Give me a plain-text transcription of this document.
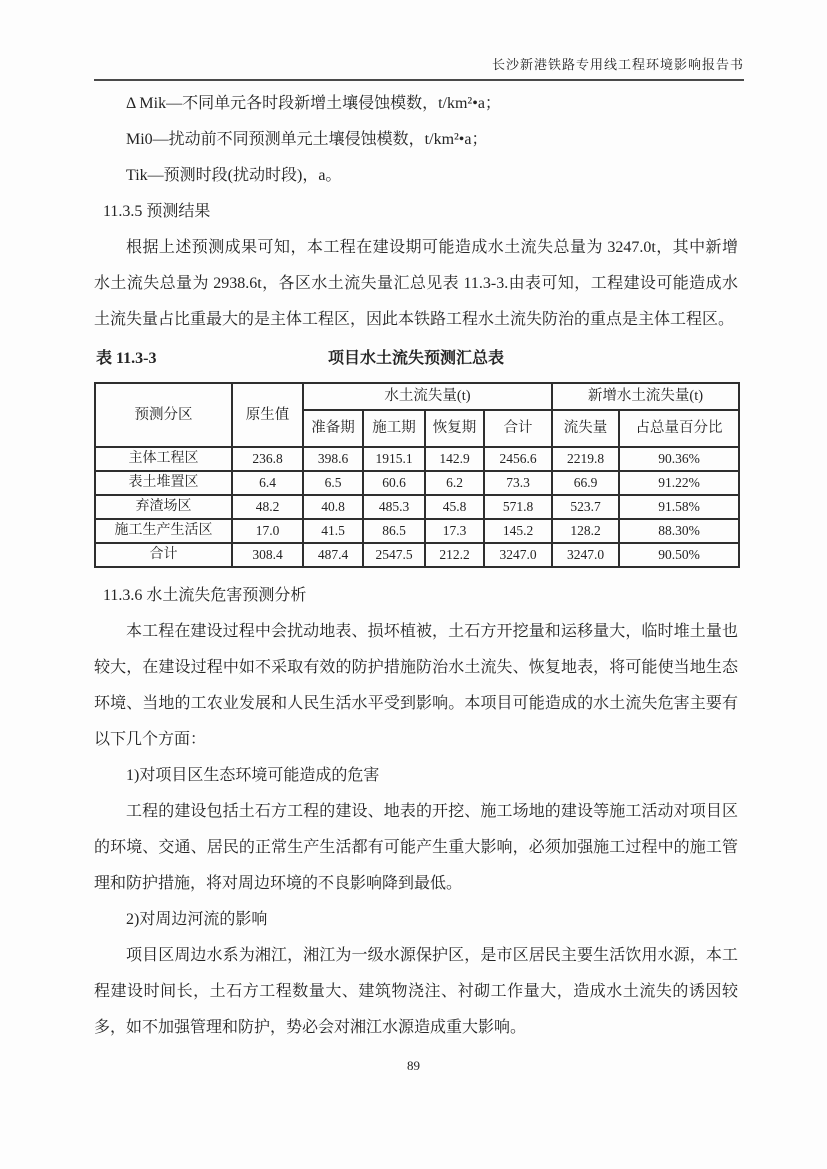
长沙新港铁路专用线工程环境影响报告书
Δ Mik—不同单元各时段新增土壤侵蚀模数，t/km²•a；
Mi0—扰动前不同预测单元土壤侵蚀模数，t/km²•a；
Tik—预测时段(扰动时段)，a。
11.3.5 预测结果

根据上述预测成果可知，本工程在建设期可能造成水土流失总量为 3247.0t，其中新增水土流失总量为 2938.6t，各区水土流失量汇总见表 11.3-3.由表可知，工程建设可能造成水土流失量占比重最大的是主体工程区，因此本铁路工程水土流失防治的重点是主体工程区。

表 11.3-3	项目水土流失预测汇总表
预测分区	原生值	水土流失量(t)				新增水土流失量(t)	
		准备期	施工期	恢复期	合计	流失量	占总量百分比
主体工程区	236.8	398.6	1915.1	142.9	2456.6	2219.8	90.36%
表土堆置区	6.4	6.5	60.6	6.2	73.3	66.9	91.22%
弃渣场区	48.2	40.8	485.3	45.8	571.8	523.7	91.58%
施工生产生活区	17.0	41.5	86.5	17.3	145.2	128.2	88.30%
合计	308.4	487.4	2547.5	212.2	3247.0	3247.0	90.50%
11.3.6 水土流失危害预测分析

本工程在建设过程中会扰动地表、损坏植被，土石方开挖量和运移量大，临时堆土量也较大，在建设过程中如不采取有效的防护措施防治水土流失、恢复地表，将可能使当地生态环境、当地的工农业发展和人民生活水平受到影响。本项目可能造成的水土流失危害主要有以下几个方面：

1)对项目区生态环境可能造成的危害

工程的建设包括土石方工程的建设、地表的开挖、施工场地的建设等施工活动对项目区的环境、交通、居民的正常生产生活都有可能产生重大影响，必须加强施工过程中的施工管理和防护措施，将对周边环境的不良影响降到最低。

2)对周边河流的影响

项目区周边水系为湘江，湘江为一级水源保护区，是市区居民主要生活饮用水源，本工程建设时间长，土石方工程数量大、建筑物浇注、衬砌工作量大，造成水土流失的诱因较多，如不加强管理和防护，势必会对湘江水源造成重大影响。

89
